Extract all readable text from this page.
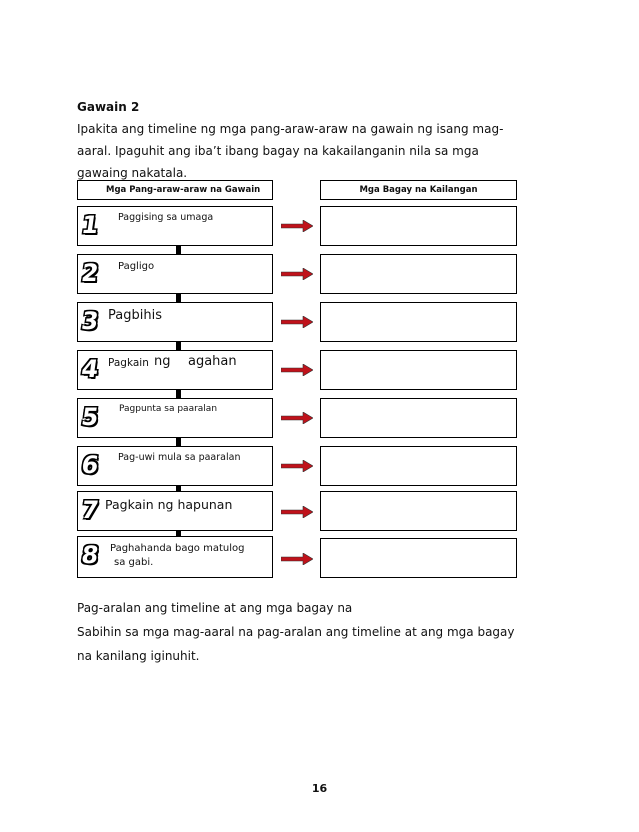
Gawain 2
Ipakita ang timeline ng mga pang-araw-araw na gawain ng isang mag-
aaral. Ipaguhit ang iba’t ibang bagay na kakailanganin nila sa mga
gawaing nakatala.
Mga Pang-araw-araw na Gawain	Mga Bagay na Kailangan
1 Paggising sa umaga
2 Pagligo
3 Pagbihis
4 Pagkain ng agahan
5 Pagpunta sa paaralan
6 Pag-uwi mula sa paaralan
7 Pagkain ng hapunan
8 Paghahanda bago matulog
sa gabi.
Pag-aralan ang timeline at ang mga bagay na
Sabihin sa mga mag-aaral na pag-aralan ang timeline at ang mga bagay
na kanilang iginuhit.
16
